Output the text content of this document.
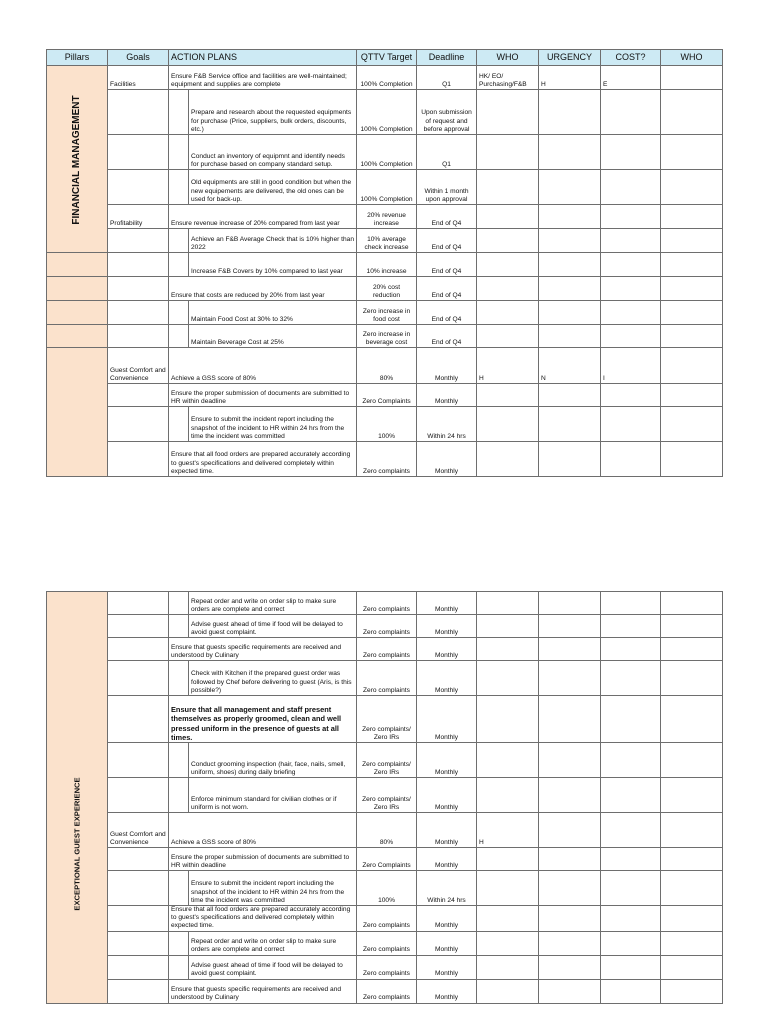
Pillars	Goals	ACTION PLANS		QTTV Target	Deadline	WHO	URGENCY	COST?	WHO

FINANCIAL MANAGEMENT	Facilities	Ensure F&B Service office and facilities are well-maintained; equipment and supplies are complete		100% Completion	Q1	HK/ EO/ Purchasing/F&B	H	E	
			Prepare and research about the requested equipments for purchase (Price, suppliers, bulk orders, discounts, etc.)	100% Completion	Upon submission of request and before approval				
			Conduct an inventory of equipmnt and identify needs for purchase based on company standard setup.	100% Completion	Q1				
			Old equipments are still in good condition but when the new equipements are delivered, the old ones can be used for back-up.	100% Completion	Within 1 month upon approval				
	Profitability	Ensure revenue increase of 20% compared from last year		20% revenue increase	End of Q4				
			Achieve an F&B Average Check that is 10% higher than 2022	10% average check increase	End of Q4				
			Increase F&B Covers by 10% compared to last year	10% increase	End of Q4				
		Ensure that costs are reduced by 20% from last year		20% cost reduction	End of Q4				
			Maintain Food Cost at 30% to 32%	Zero increase in food cost	End of Q4				
			Maintain Beverage Cost at 25%	Zero increase in beverage cost	End of Q4				
	Guest Comfort and Convenience	Achieve a GSS score of 80%		80%	Monthly	H	N	I	
		Ensure the proper submission of documents are submitted to HR within deadline		Zero Complaints	Monthly				
			Ensure to submit the incident report including the snapshot of the incident to HR within 24 hrs from the time the incident was committed	100%	Within 24 hrs				
		Ensure that all food orders are prepared accurately according to guest's specifications and delivered completely within expected time.		Zero complaints	Monthly				
EXCEPTIONAL GUEST EXPERIENCE			Repeat order and write on order slip to make sure orders are complete and correct	Zero complaints	Monthly				
			Advise guest ahead of time if food will be delayed to avoid guest complaint.	Zero complaints	Monthly				
		Ensure that guests specific requirements are received and understood by Culinary		Zero complaints	Monthly				
			Check with Kitchen if the prepared guest order was followed by Chef before delivering to guest (Aris, is this possible?)	Zero complaints	Monthly				
		Ensure that all management and staff present themselves as properly groomed, clean and well pressed uniform in the presence of guests at all times.		Zero complaints/ Zero IRs	Monthly				
			Conduct grooming inspection (hair, face, nails, smell, uniform, shoes) during daily briefing	Zero complaints/ Zero IRs	Monthly				
			Enforce minimum standard for civilian clothes or if uniform is not worn.	Zero complaints/ Zero IRs	Monthly				
	Guest Comfort and Convenience	Achieve a GSS score of 80%		80%	Monthly	H			
		Ensure the proper submission of documents are submitted to HR within deadline		Zero Complaints	Monthly				
			Ensure to submit the incident report including the snapshot of the incident to HR within 24 hrs from the time the incident was committed	100%	Within 24 hrs				
		Ensure that all food orders are prepared accurately according to guest's specifications and delivered completely within expected time.		Zero complaints	Monthly				
			Repeat order and write on order slip to make sure orders are complete and correct	Zero complaints	Monthly				
			Advise guest ahead of time if food will be delayed to avoid guest complaint.	Zero complaints	Monthly				
		Ensure that guests specific requirements are received and understood by Culinary		Zero complaints	Monthly				
